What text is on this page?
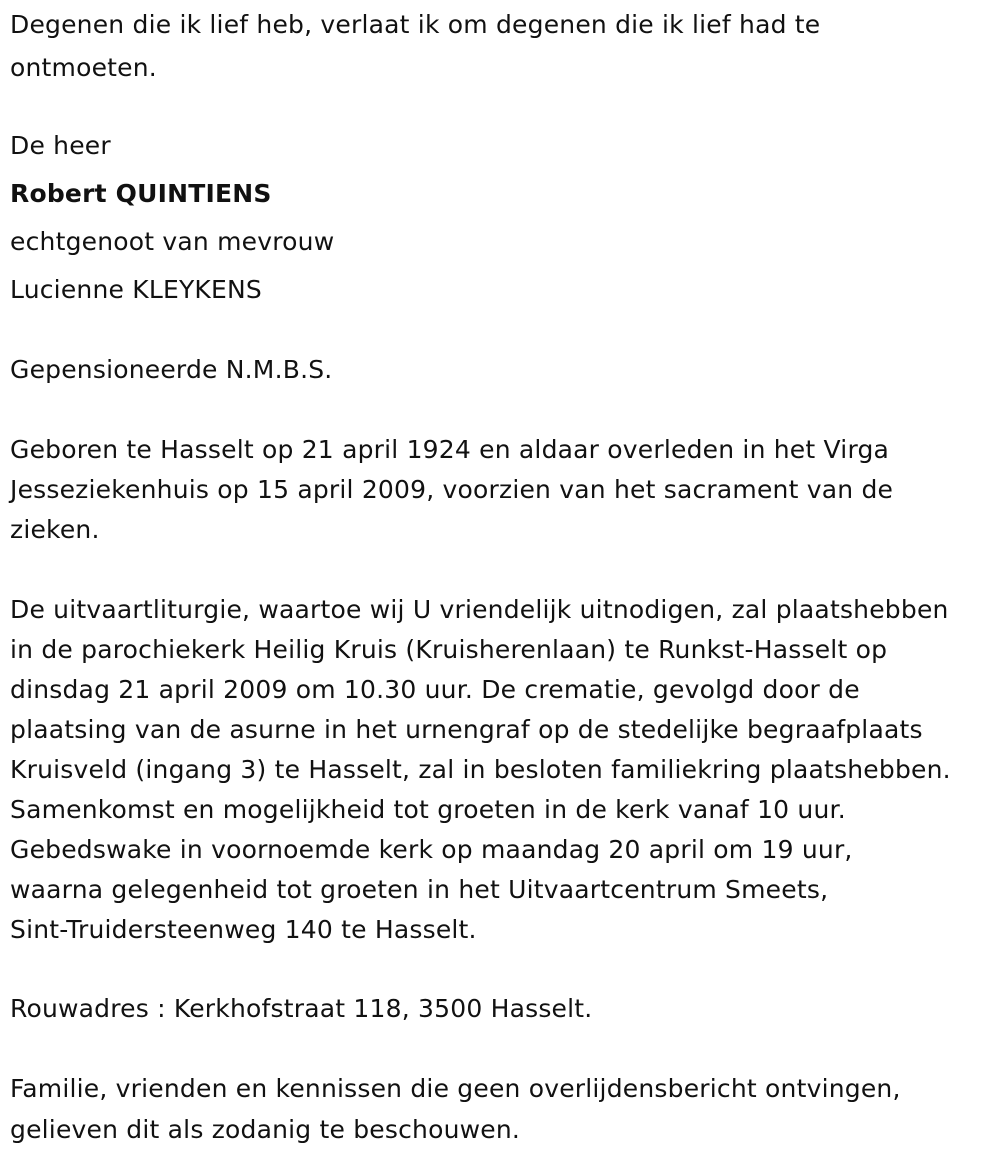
Degenen die ik lief heb, verlaat ik om degenen die ik lief had te
ontmoeten.
De heer
Robert QUINTIENS
echtgenoot van mevrouw
Lucienne KLEYKENS
Gepensioneerde N.M.B.S.
Geboren te Hasselt op 21 april 1924 en aldaar overleden in het Virga
Jesseziekenhuis op 15 april 2009, voorzien van het sacrament van de
zieken.
De uitvaartliturgie, waartoe wij U vriendelijk uitnodigen, zal plaatshebben
in de parochiekerk Heilig Kruis (Kruisherenlaan) te Runkst-Hasselt op
dinsdag 21 april 2009 om 10.30 uur. De crematie, gevolgd door de
plaatsing van de asurne in het urnengraf op de stedelijke begraafplaats
Kruisveld (ingang 3) te Hasselt, zal in besloten familiekring plaatshebben.
Samenkomst en mogelijkheid tot groeten in de kerk vanaf 10 uur.
Gebedswake in voornoemde kerk op maandag 20 april om 19 uur,
waarna gelegenheid tot groeten in het Uitvaartcentrum Smeets,
Sint-Truidersteenweg 140 te Hasselt.
Rouwadres : Kerkhofstraat 118, 3500 Hasselt.
Familie, vrienden en kennissen die geen overlijdensbericht ontvingen,
gelieven dit als zodanig te beschouwen.
